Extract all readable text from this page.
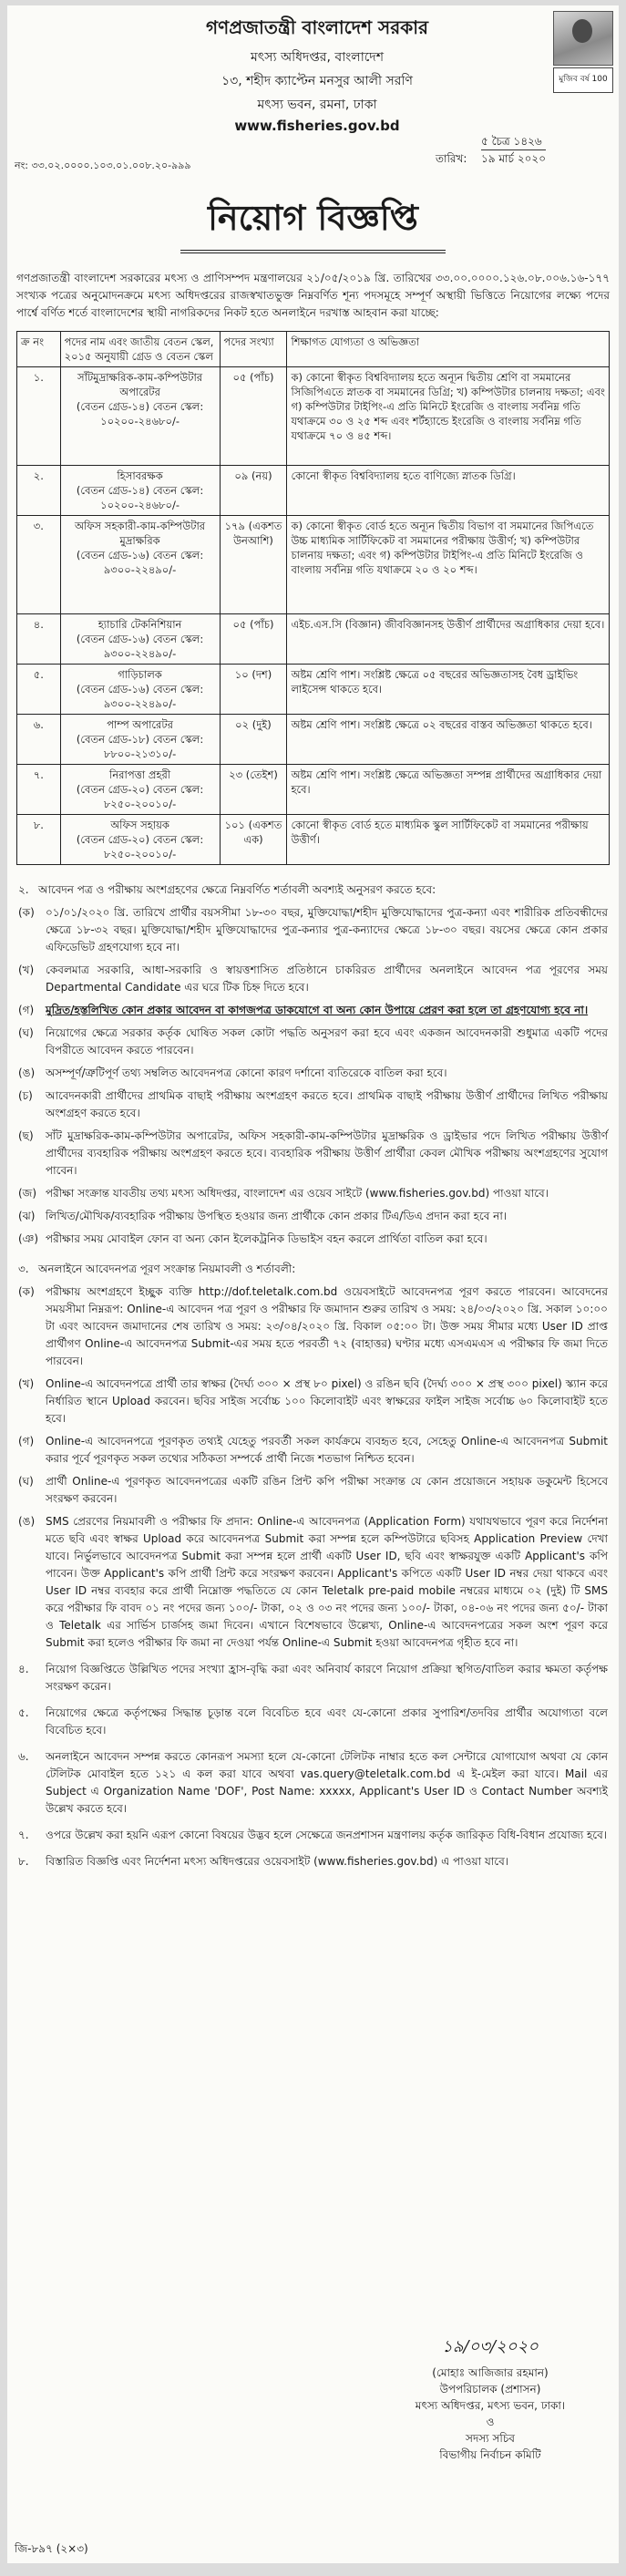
গণপ্রজাতন্ত্রী বাংলাদেশ সরকার
মৎস্য অধিদপ্তর, বাংলাদেশ
১৩, শহীদ ক্যাপ্টেন মনসুর আলী সরণি
মৎস্য ভবন, রমনা, ঢাকা
www.fisheries.gov.bd
মুজিব বর্ষ 100
তারিখ:
৫ চৈত্র ১৪২৬
১৯ মার্চ ২০২০
নং: ৩৩.০২.০০০০.১০৩.০১.০০৮.২০-৯৯৯
নিয়োগ বিজ্ঞপ্তি
গণপ্রজাতন্ত্রী বাংলাদেশ সরকারের মৎস্য ও প্রাণিসম্পদ মন্ত্রণালয়ের ২১/০৫/২০১৯ খ্রি. তারিখের ৩৩.০০.০০০০.১২৬.০৮.০০৬.১৬-১৭৭ সংখ্যক পত্রের অনুমোদনক্রমে মৎস্য অধিদপ্তরের রাজস্বখাতভুক্ত নিম্নবর্ণিত শূন্য পদসমূহে সম্পূর্ণ অস্থায়ী ভিত্তিতে নিয়োগের লক্ষ্যে পদের পার্শ্বে বর্ণিত শর্তে বাংলাদেশের স্থায়ী নাগরিকদের নিকট হতে অনলাইনে দরখাস্ত আহবান করা যাচ্ছে:
ক্র নং	পদের নাম এবং জাতীয় বেতন স্কেল, ২০১৫ অনুযায়ী গ্রেড ও বেতন স্কেল	পদের সংখ্যা	শিক্ষাগত যোগ্যতা ও অভিজ্ঞতা
১.	সাঁটমুদ্রাক্ষরিক-কাম-কম্পিউটার অপারেটর
(বেতন গ্রেড-১৪) বেতন স্কেল: ১০২০০-২৪৬৮০/-	০৫ (পাঁচ)	ক) কোনো স্বীকৃত বিশ্ববিদ্যালয় হতে অন্যূন দ্বিতীয় শ্রেণি বা সমমানের সিজিপিএতে স্নাতক বা সমমানের ডিগ্রি; খ) কম্পিউটার চালনায় দক্ষতা; এবং গ) কম্পিউটার টাইপিং-এ প্রতি মিনিটে ইংরেজি ও বাংলায় সর্বনিম্ন গতি যথাক্রমে ৩০ ও ২৫ শব্দ এবং শর্টহ্যান্ডে ইংরেজি ও বাংলায় সর্বনিম্ন গতি যথাক্রমে ৭০ ও ৪৫ শব্দ।
২.	হিসাবরক্ষক
(বেতন গ্রেড-১৪) বেতন স্কেল: ১০২০০-২৪৬৮০/-	০৯ (নয়)	কোনো স্বীকৃত বিশ্ববিদ্যালয় হতে বাণিজ্যে স্নাতক ডিগ্রি।
৩.	অফিস সহকারী-কাম-কম্পিউটার মুদ্রাক্ষরিক
(বেতন গ্রেড-১৬) বেতন স্কেল: ৯৩০০-২২৪৯০/-	১৭৯ (একশত উনআশি)	ক) কোনো স্বীকৃত বোর্ড হতে অন্যূন দ্বিতীয় বিভাগ বা সমমানের জিপিএতে উচ্চ মাধ্যমিক সার্টিফিকেট বা সমমানের পরীক্ষায় উত্তীর্ণ; খ) কম্পিউটার চালনায় দক্ষতা; এবং গ) কম্পিউটার টাইপিং-এ প্রতি মিনিটে ইংরেজি ও বাংলায় সর্বনিম্ন গতি যথাক্রমে ২০ ও ২০ শব্দ।
৪.	হ্যাচারি টেকনিশিয়ান
(বেতন গ্রেড-১৬) বেতন স্কেল: ৯৩০০-২২৪৯০/-	০৫ (পাঁচ)	এইচ.এস.সি (বিজ্ঞান) জীববিজ্ঞানসহ উত্তীর্ণ প্রার্থীদের অগ্রাধিকার দেয়া হবে।
৫.	গাড়িচালক
(বেতন গ্রেড-১৬) বেতন স্কেল: ৯৩০০-২২৪৯০/-	১০ (দশ)	অষ্টম শ্রেণি পাশ। সংশ্লিষ্ট ক্ষেত্রে ০৫ বছরের অভিজ্ঞতাসহ বৈধ ড্রাইভিং লাইসেন্স থাকতে হবে।
৬.	পাম্প অপারেটর
(বেতন গ্রেড-১৮) বেতন স্কেল: ৮৮০০-২১৩১০/-	০২ (দুই)	অষ্টম শ্রেণি পাশ। সংশ্লিষ্ট ক্ষেত্রে ০২ বছরের বাস্তব অভিজ্ঞতা থাকতে হবে।
৭.	নিরাপত্তা প্রহরী
(বেতন গ্রেড-২০) বেতন স্কেল: ৮২৫০-২০০১০/-	২৩ (তেইশ)	অষ্টম শ্রেণি পাশ। সংশ্লিষ্ট ক্ষেত্রে অভিজ্ঞতা সম্পন্ন প্রার্থীদের অগ্রাধিকার দেয়া হবে।
৮.	অফিস সহায়ক
(বেতন গ্রেড-২০) বেতন স্কেল: ৮২৫০-২০০১০/-	১০১ (একশত এক)	কোনো স্বীকৃত বোর্ড হতে মাধ্যমিক স্কুল সার্টিফিকেট বা সমমানের পরীক্ষায় উত্তীর্ণ।
২. আবেদন পত্র ও পরীক্ষায় অংশগ্রহণের ক্ষেত্রে নিম্নবর্ণিত শর্তাবলী অবশ্যই অনুসরণ করতে হবে:
(ক)	০১/০১/২০২০ খ্রি. তারিখে প্রার্থীর বয়সসীমা ১৮-৩০ বছর, মুক্তিযোদ্ধা/শহীদ মুক্তিযোদ্ধাদের পুত্র-কন্যা এবং শারীরিক প্রতিবন্ধীদের ক্ষেত্রে ১৮-৩২ বছর। মুক্তিযোদ্ধা/শহীদ মুক্তিযোদ্ধাদের পুত্র-কন্যার পুত্র-কন্যাদের ক্ষেত্রে ১৮-৩০ বছর। বয়সের ক্ষেত্রে কোন প্রকার এফিডেভিট গ্রহণযোগ্য হবে না।
(খ)	কেবলমাত্র সরকারি, আধা-সরকারি ও স্বায়ত্তশাসিত প্রতিষ্ঠানে চাকরিরত প্রার্থীদের অনলাইনে আবেদন পত্র পূরণের সময় Departmental Candidate এর ঘরে টিক চিহ্ন দিতে হবে।
(গ)	মুদ্রিত/হস্তলিখিত কোন প্রকার আবেদন বা কাগজপত্র ডাকযোগে বা অন্য কোন উপায়ে প্রেরণ করা হলে তা গ্রহণযোগ্য হবে না।
(ঘ)	নিয়োগের ক্ষেত্রে সরকার কর্তৃক ঘোষিত সকল কোটা পদ্ধতি অনুসরণ করা হবে এবং একজন আবেদনকারী শুধুমাত্র একটি পদের বিপরীতে আবেদন করতে পারবেন।
(ঙ) অসম্পূর্ণ/ত্রুটিপূর্ণ তথ্য সম্বলিত আবেদনপত্র কোনো কারণ দর্শানো ব্যতিরেকে বাতিল করা হবে।
(চ)	আবেদনকারী প্রার্থীদের প্রাথমিক বাছাই পরীক্ষায় অংশগ্রহণ করতে হবে। প্রাথমিক বাছাই পরীক্ষায় উত্তীর্ণ প্রার্থীদের লিখিত পরীক্ষায় অংশগ্রহণ করতে হবে।
(ছ)	সাঁট মুদ্রাক্ষরিক-কাম-কম্পিউটার অপারেটর, অফিস সহকারী-কাম-কম্পিউটার মুদ্রাক্ষরিক ও ড্রাইভার পদে লিখিত পরীক্ষায় উত্তীর্ণ প্রার্থীদের ব্যবহারিক পরীক্ষায় অংশগ্রহণ করতে হবে। ব্যবহারিক পরীক্ষায় উত্তীর্ণ প্রার্থীরা কেবল মৌখিক পরীক্ষায় অংশগ্রহণের সুযোগ পাবেন।
(জ) পরীক্ষা সংক্রান্ত যাবতীয় তথ্য মৎস্য অধিদপ্তর, বাংলাদেশ এর ওয়েব সাইটে (www.fisheries.gov.bd) পাওয়া যাবে।
(ঝ) লিখিত/মৌখিক/ব্যবহারিক পরীক্ষায় উপস্থিত হওয়ার জন্য প্রার্থীকে কোন প্রকার টিএ/ডিএ প্রদান করা হবে না।
(ঞ) পরীক্ষার সময় মোবাইল ফোন বা অন্য কোন ইলেকট্রনিক ডিভাইস বহন করলে প্রার্থিতা বাতিল করা হবে।
৩. অনলাইনে আবেদনপত্র পূরণ সংক্রান্ত নিয়মাবলী ও শর্তাবলী:
(ক)	পরীক্ষায় অংশগ্রহণে ইচ্ছুক ব্যক্তি http://dof.teletalk.com.bd ওয়েবসাইটে আবেদনপত্র পূরণ করতে পারবেন। আবেদনের সময়সীমা নিম্নরূপ: Online-এ আবেদন পত্র পূরণ ও পরীক্ষার ফি জমাদান শুরুর তারিখ ও সময়: ২৪/০৩/২০২০ খ্রি. সকাল ১০:০০ টা এবং আবেদন জমাদানের শেষ তারিখ ও সময়: ২৩/০৪/২০২০ খ্রি. বিকাল ০৫:০০ টা। উক্ত সময় সীমার মধ্যে User ID প্রাপ্ত প্রার্থীগণ Online-এ আবেদনপত্র Submit-এর সময় হতে পরবর্তী ৭২ (বাহাত্তর) ঘণ্টার মধ্যে এসএমএস এ পরীক্ষার ফি জমা দিতে পারবেন।
(খ)	Online-এ আবেদনপত্রে প্রার্থী তার স্বাক্ষর (দৈর্ঘ্য ৩০০ × প্রস্থ ৮০ pixel) ও রঙিন ছবি (দৈর্ঘ্য ৩০০ × প্রস্থ ৩০০ pixel) স্ক্যান করে নির্ধারিত স্থানে Upload করবেন। ছবির সাইজ সর্বোচ্চ ১০০ কিলোবাইট এবং স্বাক্ষরের ফাইল সাইজ সর্বোচ্চ ৬০ কিলোবাইট হতে হবে।
(গ)	Online-এ আবেদনপত্রে পূরণকৃত তথ্যই যেহেতু পরবর্তী সকল কার্যক্রমে ব্যবহৃত হবে, সেহেতু Online-এ আবেদনপত্র Submit করার পূর্বে পূরণকৃত সকল তথ্যের সঠিকতা সম্পর্কে প্রার্থী নিজে শতভাগ নিশ্চিত হবেন।
(ঘ)	প্রার্থী Online-এ পূরণকৃত আবেদনপত্রের একটি রঙিন প্রিন্ট কপি পরীক্ষা সংক্রান্ত যে কোন প্রয়োজনে সহায়ক ডকুমেন্ট হিসেবে সংরক্ষণ করবেন।
(ঙ) SMS প্রেরণের নিয়মাবলী ও পরীক্ষার ফি প্রদান: Online-এ আবেদনপত্র (Application Form) যথাযথভাবে পূরণ করে নির্দেশনা মতে ছবি এবং স্বাক্ষর Upload করে আবেদনপত্র Submit করা সম্পন্ন হলে কম্পিউটারে ছবিসহ Application Preview দেখা যাবে। নির্ভুলভাবে আবেদনপত্র Submit করা সম্পন্ন হলে প্রার্থী একটি User ID, ছবি এবং স্বাক্ষরযুক্ত একটি Applicant's কপি পাবেন। উক্ত Applicant's কপি প্রার্থী প্রিন্ট করে সংরক্ষণ করবেন। Applicant's কপিতে একটি User ID নম্বর দেয়া থাকবে এবং User ID নম্বর ব্যবহার করে প্রার্থী নিম্নোক্ত পদ্ধতিতে যে কোন Teletalk pre-paid mobile নম্বরের মাধ্যমে ০২ (দুই) টি SMS করে পরীক্ষার ফি বাবদ ০১ নং পদের জন্য ১০০/- টাকা, ০২ ও ০৩ নং পদের জন্য ১০০/- টাকা, ০৪-০৬ নং পদের জন্য ৫০/- টাকা ও Teletalk এর সার্ভিস চার্জসহ জমা দিবেন। এখানে বিশেষভাবে উল্লেখ্য, Online-এ আবেদনপত্রের সকল অংশ পূরণ করে Submit করা হলেও পরীক্ষার ফি জমা না দেওয়া পর্যন্ত Online-এ Submit হওয়া আবেদনপত্র গৃহীত হবে না।
৪.	নিয়োগ বিজ্ঞপ্তিতে উল্লিখিত পদের সংখ্যা হ্রাস-বৃদ্ধি করা এবং অনিবার্য কারণে নিয়োগ প্রক্রিয়া স্থগিত/বাতিল করার ক্ষমতা কর্তৃপক্ষ সংরক্ষণ করেন।
৫.	নিয়োগের ক্ষেত্রে কর্তৃপক্ষের সিদ্ধান্ত চূড়ান্ত বলে বিবেচিত হবে এবং যে-কোনো প্রকার সুপারিশ/তদবির প্রার্থীর অযোগ্যতা বলে বিবেচিত হবে।
৬.	অনলাইনে আবেদন সম্পন্ন করতে কোনরূপ সমস্যা হলে যে-কোনো টেলিটক নাম্বার হতে কল সেন্টারে যোগাযোগ অথবা যে কোন টেলিটক মোবাইল হতে ১২১ এ কল করা যাবে অথবা vas.query@teletalk.com.bd এ ই-মেইল করা যাবে। Mail এর Subject এ Organization Name 'DOF', Post Name: xxxxx, Applicant's User ID ও Contact Number অবশ্যই উল্লেখ করতে হবে।
৭.	ওপরে উল্লেখ করা হয়নি এরূপ কোনো বিষয়ের উদ্ভব হলে সেক্ষেত্রে জনপ্রশাসন মন্ত্রণালয় কর্তৃক জারিকৃত বিধি-বিধান প্রযোজ্য হবে।
৮.	বিস্তারিত বিজ্ঞপ্তি এবং নির্দেশনা মৎস্য অধিদপ্তরের ওয়েবসাইট (www.fisheries.gov.bd) এ পাওয়া যাবে।
১৯/০৩/২০২০
(মোহাঃ আজিজার রহমান)
উপপরিচালক (প্রশাসন)
মৎস্য অধিদপ্তর, মৎস্য ভবন, ঢাকা।
ও
সদস্য সচিব
বিভাগীয় নির্বাচন কমিটি
জি-৮৯৭ (২×৩)
